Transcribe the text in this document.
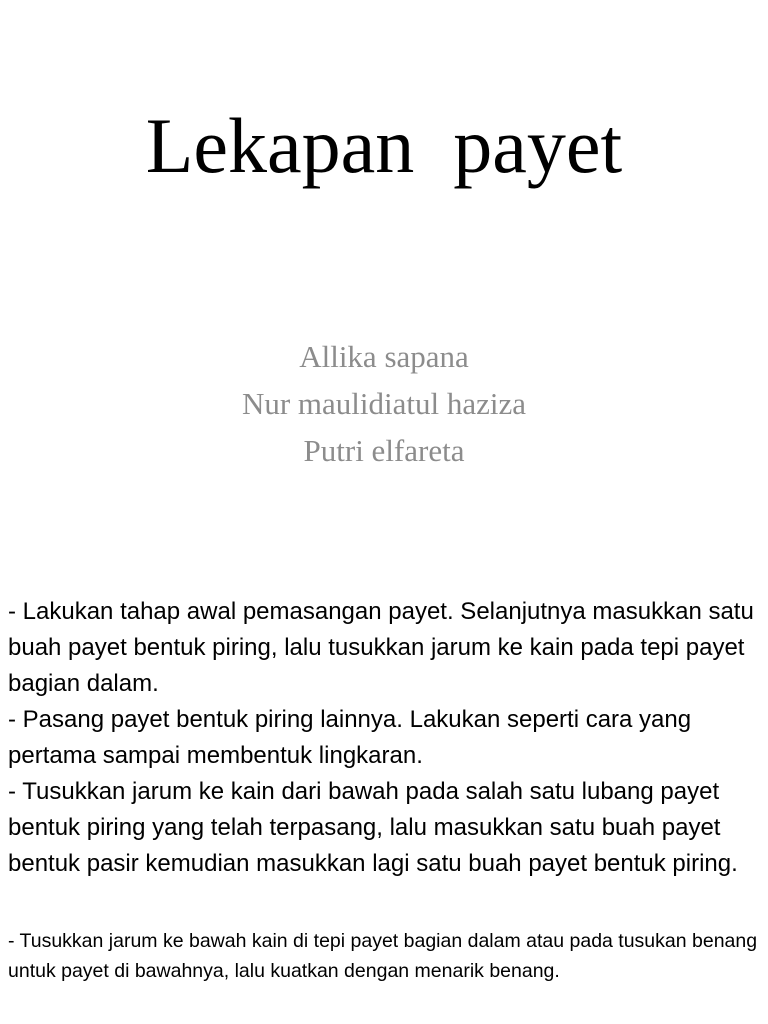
Lekapan  payet
Allika sapana
Nur maulidiatul haziza
Putri elfareta

- Lakukan tahap awal pemasangan payet. Selanjutnya masukkan satu buah payet bentuk piring, lalu tusukkan jarum ke kain pada tepi payet bagian dalam.

- Pasang payet bentuk piring lainnya. Lakukan seperti cara yang pertama sampai membentuk lingkaran.

- Tusukkan jarum ke kain dari bawah pada salah satu lubang payet bentuk piring yang telah terpasang, lalu masukkan satu buah payet bentuk pasir kemudian masukkan lagi satu buah payet bentuk piring.

- Tusukkan jarum ke bawah kain di tepi payet bagian dalam atau pada tusukan benang untuk payet di bawahnya, lalu kuatkan dengan menarik benang.
